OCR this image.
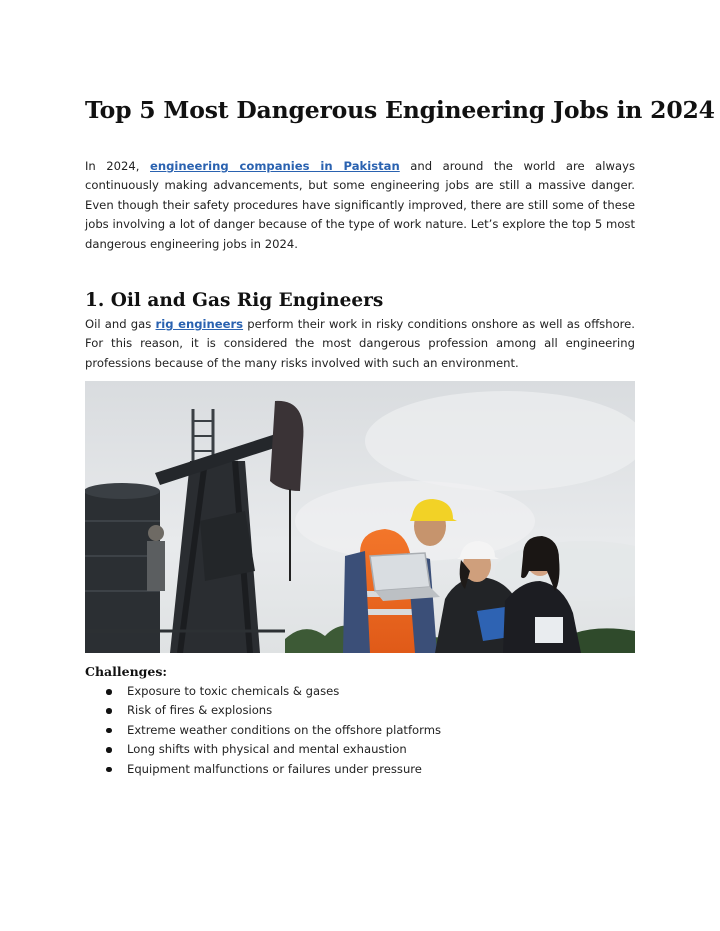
Top 5 Most Dangerous Engineering Jobs in 2024
In 2024, engineering companies in Pakistan and around the world are always continuously making advancements, but some engineering jobs are still a massive danger. Even though their safety procedures have significantly improved, there are still some of these jobs involving a lot of danger because of the type of work nature. Let’s explore the top 5 most dangerous engineering jobs in 2024.
1. Oil and Gas Rig Engineers
Oil and gas rig engineers perform their work in risky conditions onshore as well as offshore. For this reason, it is considered the most dangerous profession among all engineering professions because of the many risks involved with such an environment.
Challenges:
Exposure to toxic chemicals & gases
Risk of fires & explosions
Extreme weather conditions on the offshore platforms
Long shifts with physical and mental exhaustion
Equipment malfunctions or failures under pressure
